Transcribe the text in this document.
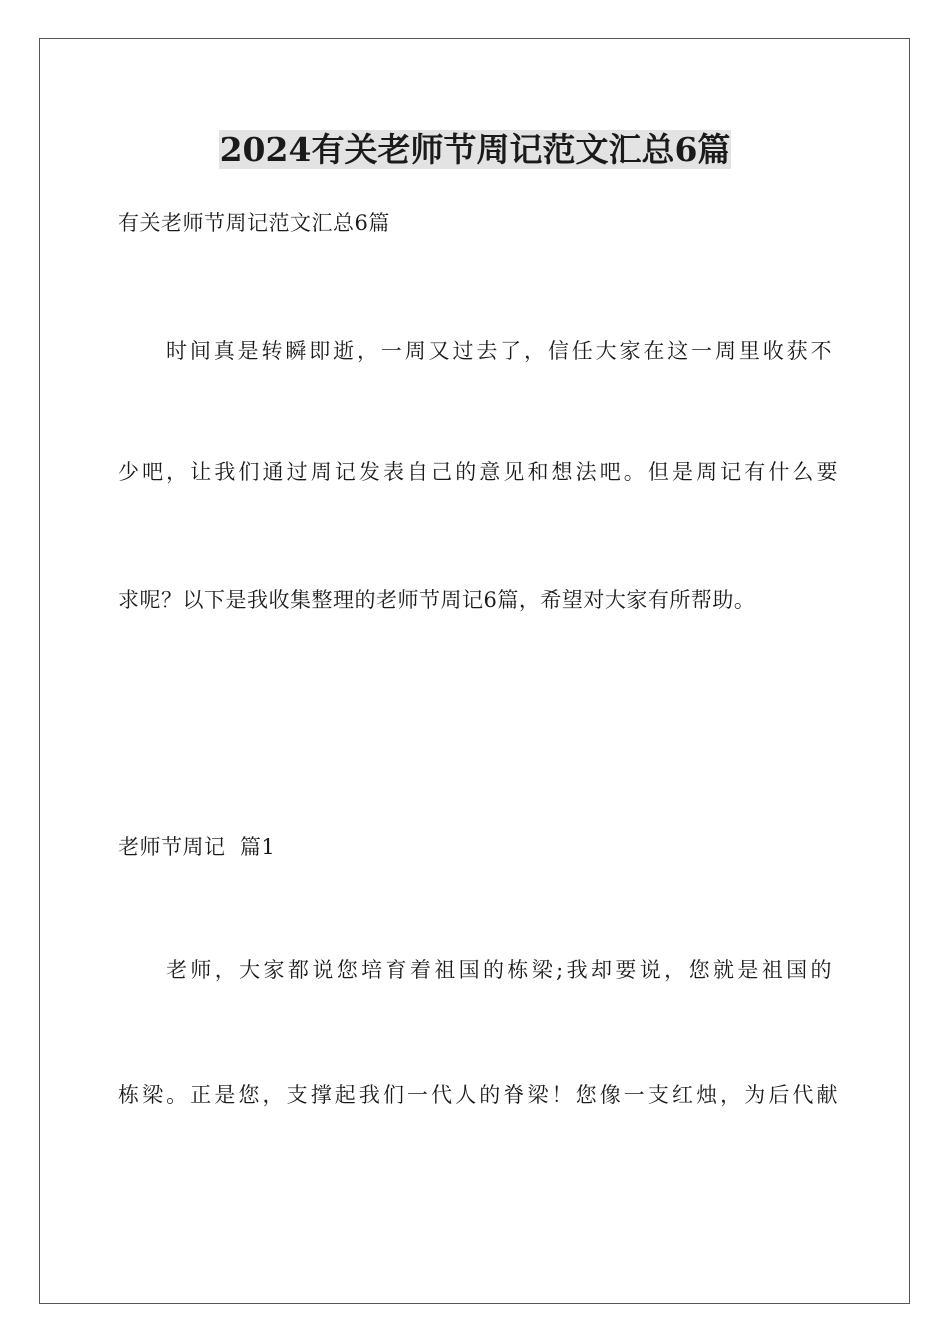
2024有关老师节周记范文汇总6篇

有关老师节周记范文汇总6篇

时间真是转瞬即逝，一周又过去了，信任大家在这一周里收获不

少吧，让我们通过周记发表自己的意见和想法吧。但是周记有什么要

求呢？以下是我收集整理的老师节周记6篇，希望对大家有所帮助。

老师节周记  篇1

老师，大家都说您培育着祖国的栋梁;我却要说，您就是祖国的

栋梁。正是您，支撑起我们一代人的脊梁！您像一支红烛，为后代献
